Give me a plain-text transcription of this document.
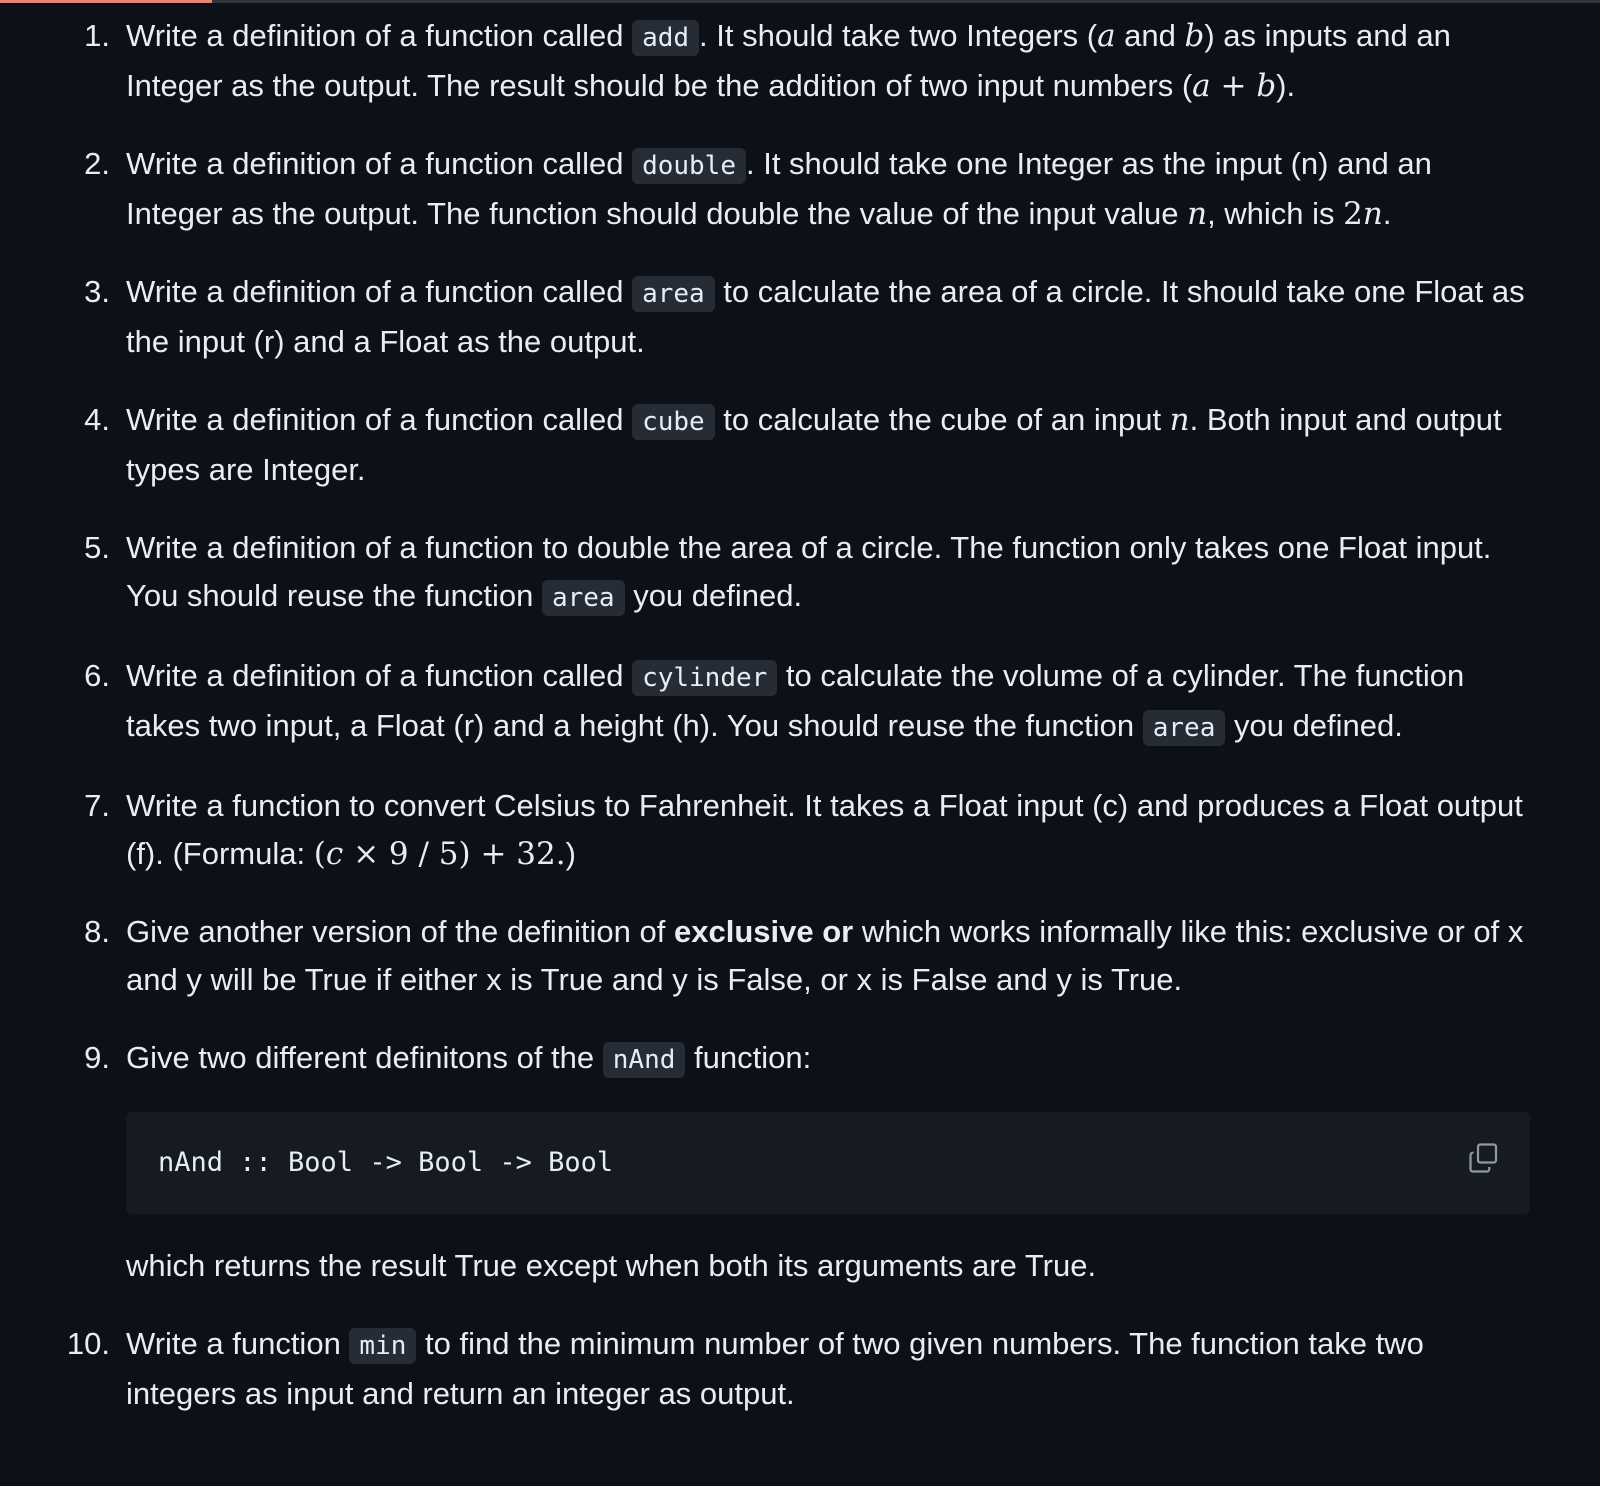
1. Write a definition of a function called add . It should take two Integers (a and b) as inputs and an Integer as the output. The result should be the addition of two input numbers (a + b).
2. Write a definition of a function called double . It should take one Integer as the input (n) and an Integer as the output. The function should double the value of the input value n, which is 2n.
3. Write a definition of a function called area to calculate the area of a circle. It should take one Float as the input (r) and a Float as the output.
4. Write a definition of a function called cube to calculate the cube of an input n. Both input and output types are Integer.
5. Write a definition of a function to double the area of a circle. The function only takes one Float input. You should reuse the function area you defined.
6. Write a definition of a function called cylinder to calculate the volume of a cylinder. The function takes two input, a Float (r) and a height (h). You should reuse the function area you defined.
7. Write a function to convert Celsius to Fahrenheit. It takes a Float input (c) and produces a Float output (f). (Formula: (c × 9 / 5) + 32.)
8. Give another version of the definition of exclusive or which works informally like this: exclusive or of x and y will be True if either x is True and y is False, or x is False and y is True.
9. Give two different definitons of the nAnd function:
nAnd :: Bool -> Bool -> Bool
which returns the result True except when both its arguments are True.
10. Write a function min to find the minimum number of two given numbers. The function take two integers as input and return an integer as output.
